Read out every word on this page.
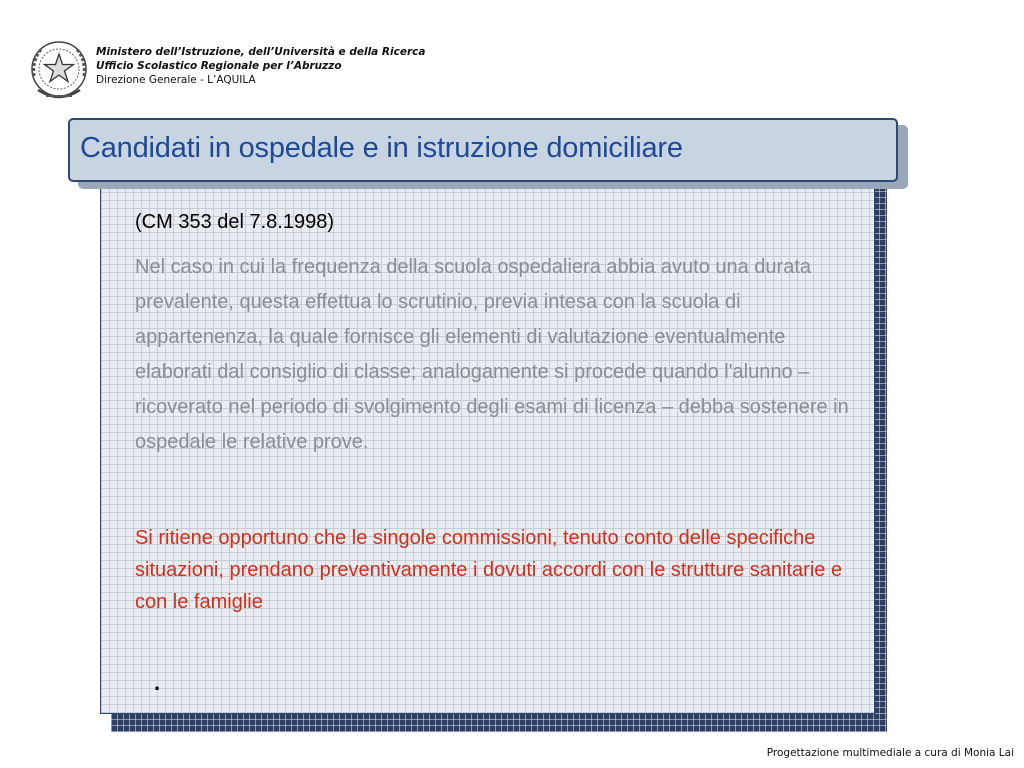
Ministero dell’Istruzione, dell’Università e della Ricerca
Ufficio Scolastico Regionale per l’Abruzzo
Direzione Generale - L’AQUILA
Candidati in ospedale e in istruzione domiciliare
(CM 353 del 7.8.1998)

Nel caso in cui la frequenza della scuola ospedaliera abbia avuto una durata prevalente, questa effettua lo scrutinio, previa intesa con la scuola di appartenenza, la quale fornisce gli elementi di valutazione eventualmente elaborati dal consiglio di classe; analogamente si procede quando l'alunno – ricoverato nel periodo di svolgimento degli esami di licenza – debba sostenere in ospedale le relative prove.

Si ritiene opportuno che le singole commissioni, tenuto conto delle specifiche situazioni, prendano preventivamente i dovuti accordi con le strutture sanitarie e con le famiglie

.
Progettazione multimediale a cura di Monia Lai
